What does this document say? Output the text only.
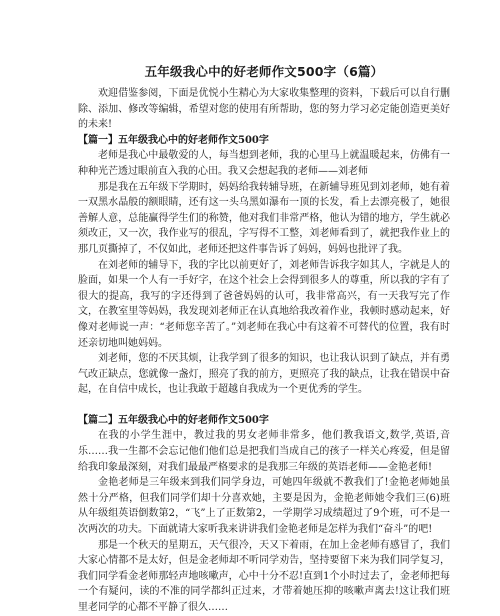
五年级我心中的好老师作文500字（6篇）

欢迎借鉴参阅，下面是优悦小生精心为大家收集整理的资料，下载后可以自行删除、添加、修改等编辑，希望对您的使用有所帮助，您的努力学习必定能创造更美好的未来!

【篇一】五年级我心中的好老师作文500字

老师是我心中最敬爱的人，每当想到老师，我的心里马上就温暖起来，仿佛有一种种光芒透过眼前直入我的心田。我又会想起我的老师——刘老师

那是我在五年级下学期时，妈妈给我转辅导班，在新辅导班见到刘老师，她有着一双黑水晶般的额眼睛，还有这一头乌黑如瀑布一顶的长发，看上去漂亮极了，她很善解人意，总能赢得学生们的称赞，他对我们非常严格，他认为错的地方，学生就必须改正，又一次，我作业写的很乱，字写得不工整，刘老师看到了，就把我作业上的那几页撕掉了，不仅如此，老师还把这件事告诉了妈妈，妈妈也批评了我。

在刘老师的辅导下，我的字比以前更好了，刘老师告诉我字如其人，字就是人的脸面，如果一个人有一手好字，在这个社会上会得到很多人的尊重，所以我的字有了很大的提高，我写的字还得到了爸爸妈妈的认可，我非常高兴，有一天我写完了作文，在教室里等妈妈，我发现刘老师正在认真地给我改着作业，我顿时感动起来，好像对老师说一声：“老师您辛苦了。”刘老师在我心中有这着不可替代的位置，我有时还亲切地叫她妈妈。

刘老师，您的不厌其烦，让我学到了很多的知识，也让我认识到了缺点，并有勇气改正缺点，您就像一盏灯，照亮了我的前方，更照亮了我的缺点，让我在错误中奋起，在自信中成长，也让我敢于超越自我成为一个更优秀的学生。

【篇二】五年级我心中的好老师作文500字

在我的小学生涯中，教过我的男女老师非常多，他们教我语文,数学,英语,音乐……我一生都不会忘记他们他们总是把我们当成自己的孩子一样关心疼爱，但是留给我印象最深刻，对我们最最严格要求的是我那三年级的英语老师——金艳老师!

金艳老师是三年级来到我们同学身边，可她四年级就不教我们了!金艳老师她虽然十分严格，但我们同学们却十分喜欢她，主要是因为，金艳老师她令我们三(6)班从年级组英语倒数第2，“飞”上了正数第2，一学期学习成绩超过了9个班，可不是一次两次的功夫。下面就请大家听我来讲讲我们金艳老师是怎样为我们“奋斗”的吧!

那是一个秋天的星期五，天气很冷，天又下着雨，在加上金老师有感冒了，我们大家心情都不是太好，但是金老师却不听同学劝告，坚持要留下来为我们同学复习，我们同学看金老师那轻声地咳嗽声，心中十分不忍!直到1个小时过去了，金老师把每一个有疑问，读的不准的同学都纠正过来，才带着她压抑的咳嗽声离去!这让我们班里老同学的心都不平静了很久……
